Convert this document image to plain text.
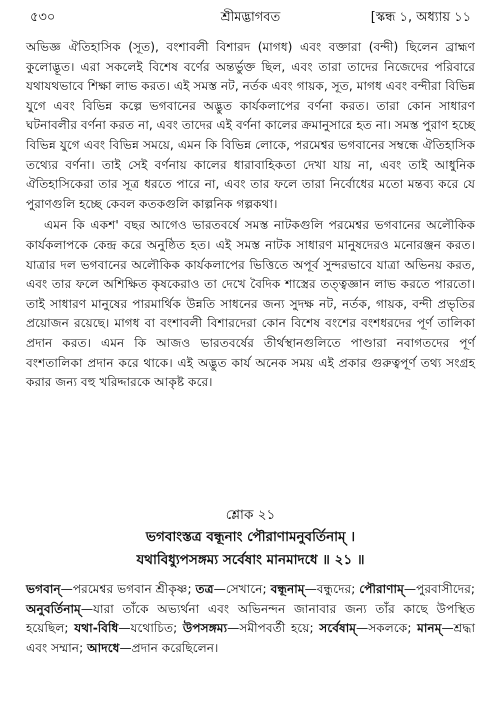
৫৩০	শ্রীমদ্ভাগবত	[স্কন্ধ ১, অধ্যায় ১১

অভিজ্ঞ ঐতিহাসিক (সূত), বংশাবলী বিশারদ (মাগধ) এবং বক্তারা (বন্দী) ছিলেন ব্রাহ্মণ কুলোদ্ভূত। এরা সকলেই বিশেষ বর্ণের অন্তর্ভুক্ত ছিল, এবং তারা তাদের নিজেদের পরিবারে যথাযথভাবে শিক্ষা লাভ করত। এই সমস্ত নট, নর্তক এবং গায়ক, সূত, মাগধ এবং বন্দীরা বিভিন্ন যুগে এবং বিভিন্ন কল্পে ভগবানের অদ্ভুত কার্যকলাপের বর্ণনা করত। তারা কোন সাধারণ ঘটনাবলীর বর্ণনা করত না, এবং তাদের এই বর্ণনা কালের ক্রমানুসারে হত না। সমস্ত পুরাণ হচ্ছে বিভিন্ন যুগে এবং বিভিন্ন সময়ে, এমন কি বিভিন্ন লোকে, পরমেশ্বর ভগবানের সম্বন্ধে ঐতিহাসিক তথ্যের বর্ণনা। তাই সেই বর্ণনায় কালের ধারাবাহিকতা দেখা যায় না, এবং তাই আধুনিক ঐতিহাসিকেরা তার সূত্র ধরতে পারে না, এবং তার ফলে তারা নির্বোধের মতো মন্তব্য করে যে পুরাণগুলি হচ্ছে কেবল কতকগুলি কাল্পনিক গল্পকথা।

এমন কি একশ' বছর আগেও ভারতবর্ষে সমস্ত নাটকগুলি পরমেশ্বর ভগবানের অলৌকিক কার্যকলাপকে কেন্দ্র করে অনুষ্ঠিত হত। এই সমস্ত নাটক সাধারণ মানুষদেরও মনোরঞ্জন করত। যাত্রার দল ভগবানের অলৌকিক কার্যকলাপের ভিত্তিতে অপূর্ব সুন্দরভাবে যাত্রা অভিনয় করত, এবং তার ফলে অশিক্ষিত কৃষকেরাও তা দেখে বৈদিক শাস্ত্রের তত্ত্বজ্ঞান লাভ করতে পারতো। তাই সাধারণ মানুষের পারমার্থিক উন্নতি সাধনের জন্য সুদক্ষ নট, নর্তক, গায়ক, বন্দী প্রভৃতির প্রয়োজন রয়েছে। মাগধ বা বংশাবলী বিশারদেরা কোন বিশেষ বংশের বংশধরদের পূর্ণ তালিকা প্রদান করত। এমন কি আজও ভারতবর্ষের তীর্থস্থানগুলিতে পাণ্ডারা নবাগতদের পূর্ণ বংশতালিকা প্রদান করে থাকে। এই অদ্ভুত কার্য অনেক সময় এই প্রকার গুরুত্বপূর্ণ তথ্য সংগ্রহ করার জন্য বহু খরিদ্দারকে আকৃষ্ট করে।

শ্লোক ২১

ভগবাংস্তত্র বন্ধূনাং পৌরাণামনুবর্তিনাম্ ।

যথাবিধ্যুপসঙ্গম্য সর্বেষাং মানমাদধে ॥ ২১ ॥

ভগবান্—পরমেশ্বর ভগবান শ্রীকৃষ্ণ; তত্র—সেখানে; বন্ধূনাম্—বন্ধুদের; পৌরাণাম্—পুরবাসীদের; অনুবর্তিনাম্—যারা তাঁকে অভ্যর্থনা এবং অভিনন্দন জানাবার জন্য তাঁর কাছে উপস্থিত হয়েছিল; যথা-বিধি—যথোচিত; উপসঙ্গম্য—সমীপবর্তী হয়ে; সর্বেষাম্—সকলকে; মানম্—শ্রদ্ধা এবং সম্মান; আদধে—প্রদান করেছিলেন।
